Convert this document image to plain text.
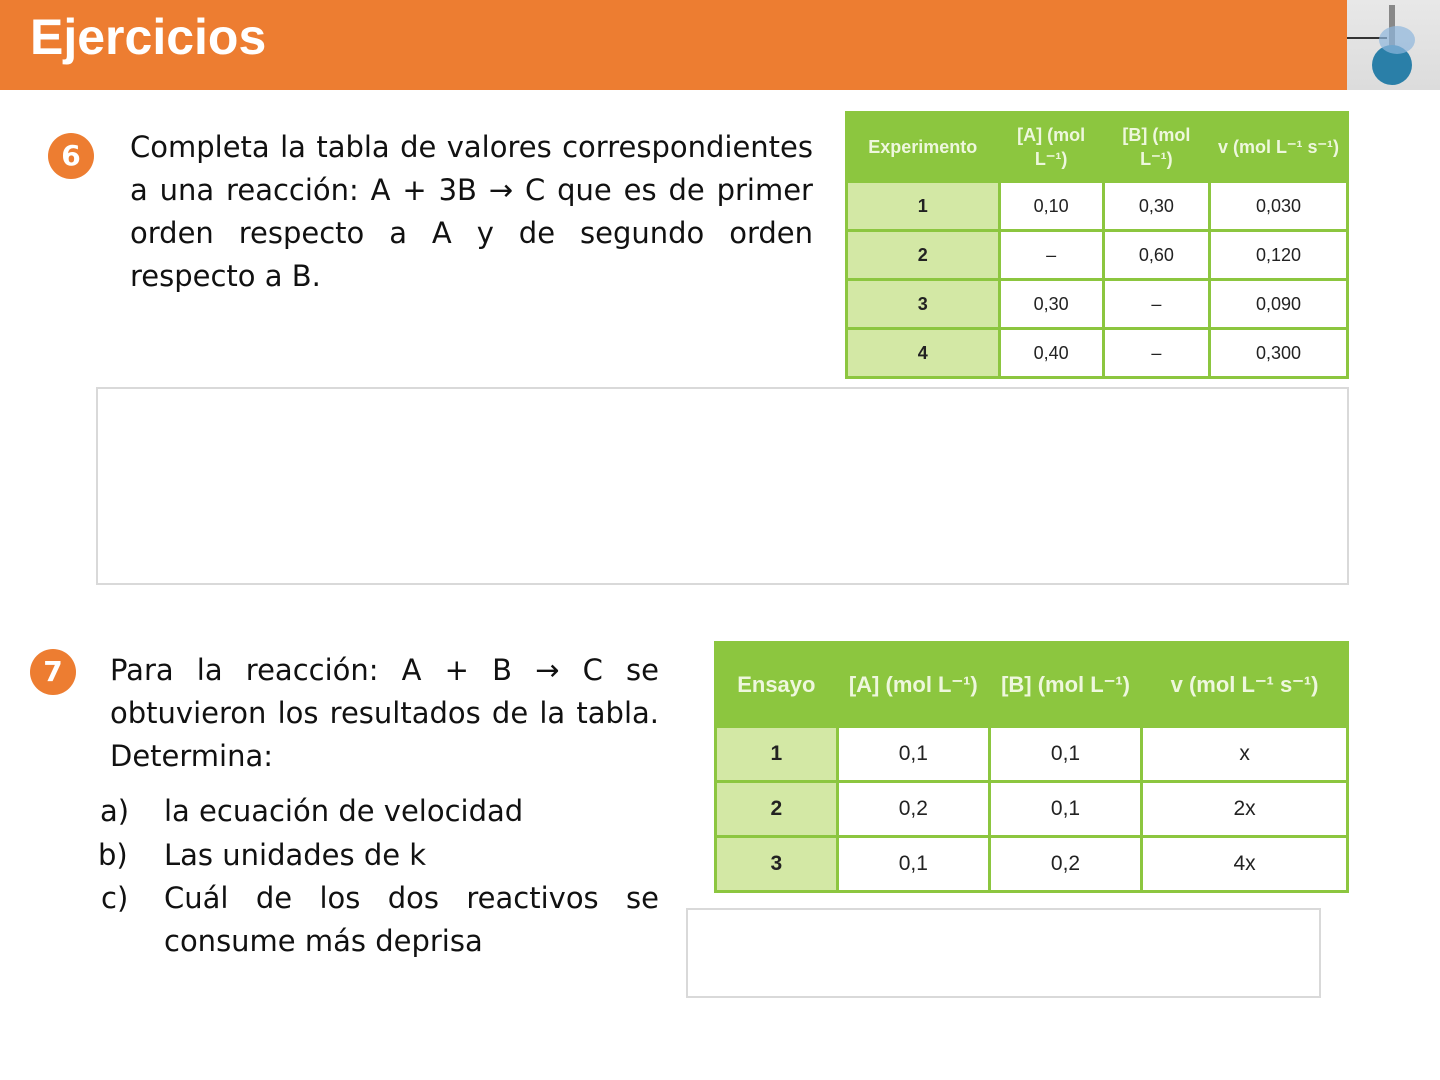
Ejercicios
6	Completa la tabla de valores correspondientes a una reacción: A + 3B → C que es de primer orden respecto a A y de segundo orden respecto a B.
Experimento	[A] (mol L⁻¹)	[B] (mol L⁻¹)	v (mol L⁻¹ s⁻¹)
1	0,10	0,30	0,030
2	–	0,60	0,120
3	0,30	–	0,090
4	0,40	–	0,300
7	Para la reacción: A + B → C se obtuvieron los resultados de la tabla. Determina:
a) la ecuación de velocidad
b) Las unidades de k
c) Cuál de los dos reactivos se consume más deprisa
Ensayo	[A] (mol L⁻¹)	[B] (mol L⁻¹)	v (mol L⁻¹ s⁻¹)
1	0,1	0,1	x
2	0,2	0,1	2x
3	0,1	0,2	4x
